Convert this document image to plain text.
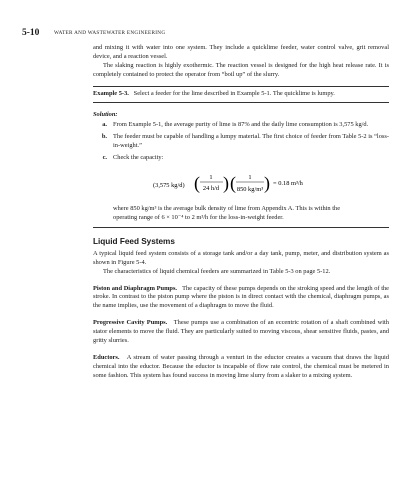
5-10	WATER AND WASTEWATER ENGINEERING

and mixing it with water into one system. They include a quicklime feeder, water control valve, grit removal device, and a reaction vessel.

The slaking reaction is highly exothermic. The reaction vessel is designed for the high heat release rate. It is completely contained to protect the operator from “boil up” of the slurry.

Example 5-3. Select a feeder for the lime described in Example 5-1. The quicklime is lumpy.
Solution:
a. From Example 5-1, the average purity of lime is 87% and the daily lime consumption is 3,575 kg/d.
b. The feeder must be capable of handling a lumpy material. The first choice of feeder from Table 5-2 is “loss-in-weight.”
c. Check the capacity:
(3,575 kg/d) ( 1
24 h/d ) ( 1
850 kg/m³ ) = 0.18 m³/h

where 850 kg/m³ is the average bulk density of lime from Appendix A. This is within the

operating range of 6 × 10⁻⁴ to 2 m³/h for the loss-in-weight feeder.

Liquid Feed Systems

A typical liquid feed system consists of a storage tank and/or a day tank, pump, meter, and distribution system as shown in Figure 5-4.

The characteristics of liquid chemical feeders are summarized in Table 5-3 on page 5-12.

Piston and Diaphragm Pumps. The capacity of these pumps depends on the stroking speed and the length of the stroke. In contrast to the piston pump where the piston is in direct contact with the chemical, diaphragm pumps, as the name implies, use the movement of a diaphragm to move the fluid.

Progressive Cavity Pumps. These pumps use a combination of an eccentric rotation of a shaft combined with stator elements to move the fluid. They are particularly suited to moving viscous, shear sensitive fluids, pastes, and gritty slurries.

Eductors. A stream of water passing through a venturi in the eductor creates a vacuum that draws the liquid chemical into the eductor. Because the eductor is incapable of flow rate control, the chemical must be metered in some fashion. This system has found success in moving lime slurry from a slaker to a mixing system.
